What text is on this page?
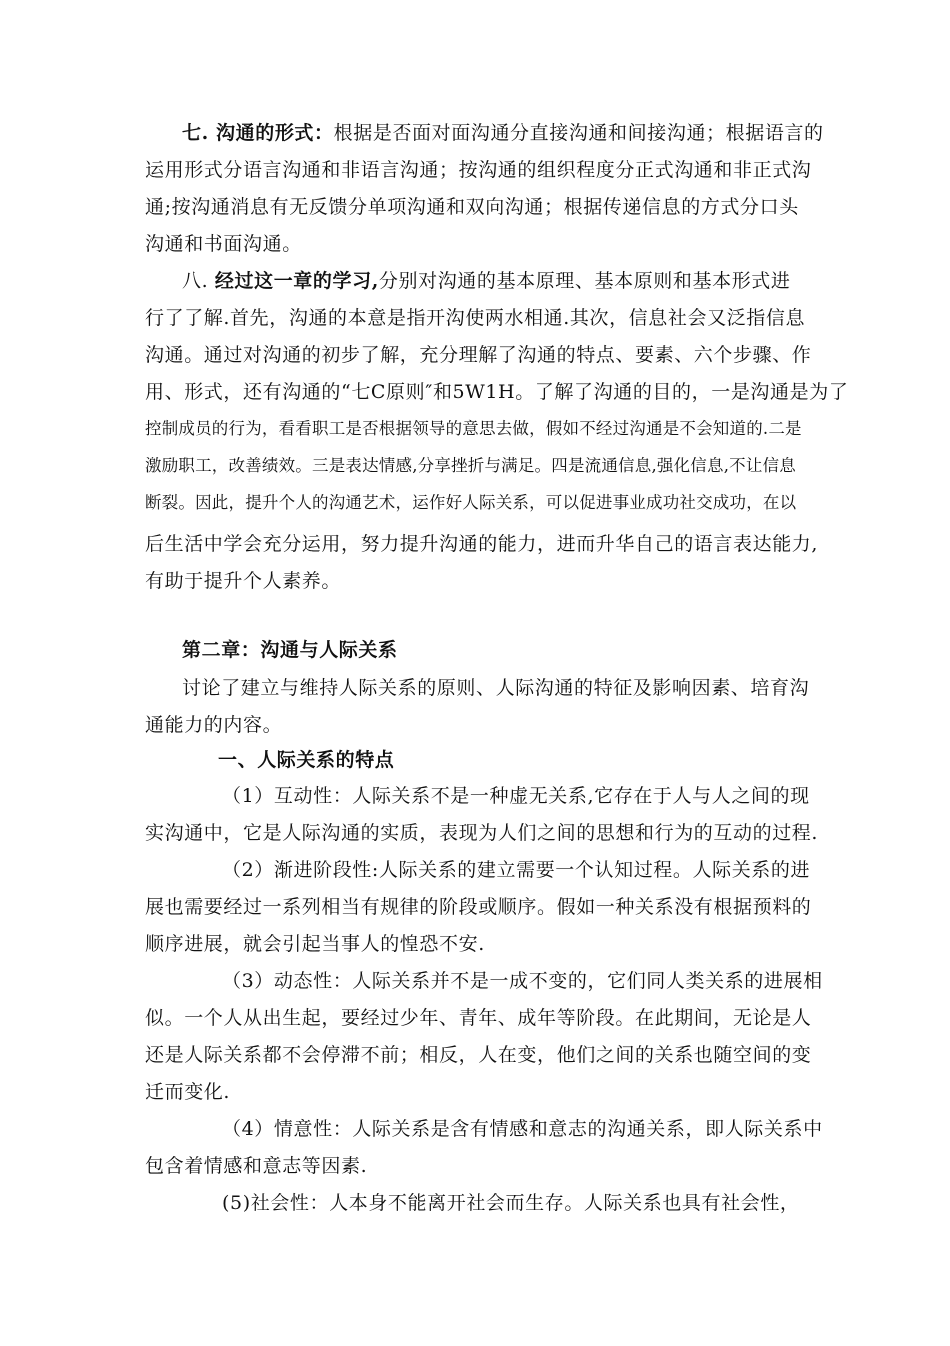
七. 沟通的形式：根据是否面对面沟通分直接沟通和间接沟通；根据语言的
运用形式分语言沟通和非语言沟通；按沟通的组织程度分正式沟通和非正式沟
通;按沟通消息有无反馈分单项沟通和双向沟通；根据传递信息的方式分口头
沟通和书面沟通。
八. 经过这一章的学习,分别对沟通的基本原理、基本原则和基本形式进
行了了解.首先，沟通的本意是指开沟使两水相通.其次，信息社会又泛指信息
沟通。通过对沟通的初步了解，充分理解了沟通的特点、要素、六个步骤、作
用、形式，还有沟通的“七C原则″和5W1H。了解了沟通的目的，一是沟通是为了
控制成员的行为，看看职工是否根据领导的意思去做，假如不经过沟通是不会知道的.二是
激励职工，改善绩效。三是表达情感,分享挫折与满足。四是流通信息,强化信息,不让信息
断裂。因此，提升个人的沟通艺术，运作好人际关系，可以促进事业成功社交成功，在以
后生活中学会充分运用，努力提升沟通的能力，进而升华自己的语言表达能力,
有助于提升个人素养。
第二章：沟通与人际关系
讨论了建立与维持人际关系的原则、人际沟通的特征及影响因素、培育沟
通能力的内容。
一、人际关系的特点
（1）互动性：人际关系不是一种虚无关系,它存在于人与人之间的现
实沟通中，它是人际沟通的实质，表现为人们之间的思想和行为的互动的过程.
（2）渐进阶段性:人际关系的建立需要一个认知过程。人际关系的进
展也需要经过一系列相当有规律的阶段或顺序。假如一种关系没有根据预料的
顺序进展，就会引起当事人的惶恐不安.
（3）动态性：人际关系并不是一成不变的，它们同人类关系的进展相
似。一个人从出生起，要经过少年、青年、成年等阶段。在此期间，无论是人
还是人际关系都不会停滞不前；相反，人在变，他们之间的关系也随空间的变
迁而变化.
（4）情意性：人际关系是含有情感和意志的沟通关系，即人际关系中
包含着情感和意志等因素.
(5)社会性：人本身不能离开社会而生存。人际关系也具有社会性，
